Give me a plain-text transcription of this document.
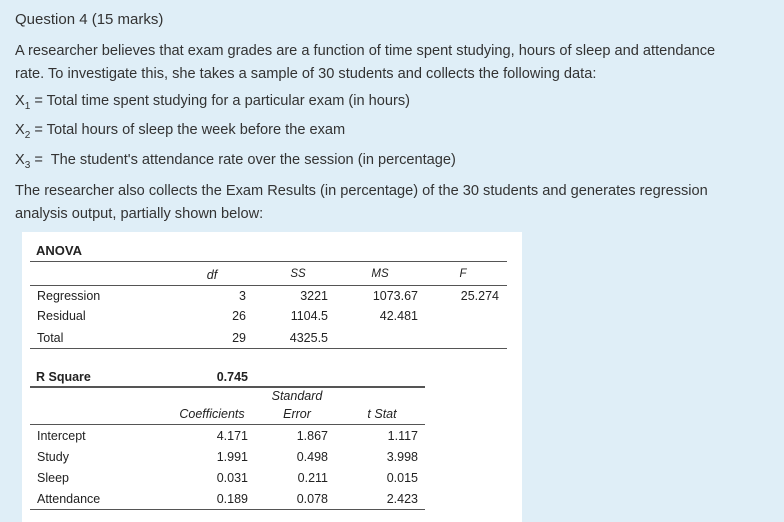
Question 4 (15 marks)
A researcher believes that exam grades are a function of time spent studying, hours of sleep and attendance
rate. To investigate this, she takes a sample of 30 students and collects the following data:
$X_1$ = Total time spent studying for a particular exam (in hours)
$X_2$ = Total hours of sleep the week before the exam
$X_3$ =  The student's attendance rate over the session (in percentage)
The researcher also collects the Exam Results (in percentage) of the 30 students and generates regression
analysis output, partially shown below:
ANOVA
df	SS	MS	F
Regression	3	3221	1073.67	25.274
Residual	26	1104.5	42.481
Total	29	4325.5
R Square	0.745
Standard
Coefficients	Error	t Stat
Intercept	4.171	1.867	1.117
Study	1.991	0.498	3.998
Sleep	0.031	0.211	0.015
Attendance	0.189	0.078	2.423
